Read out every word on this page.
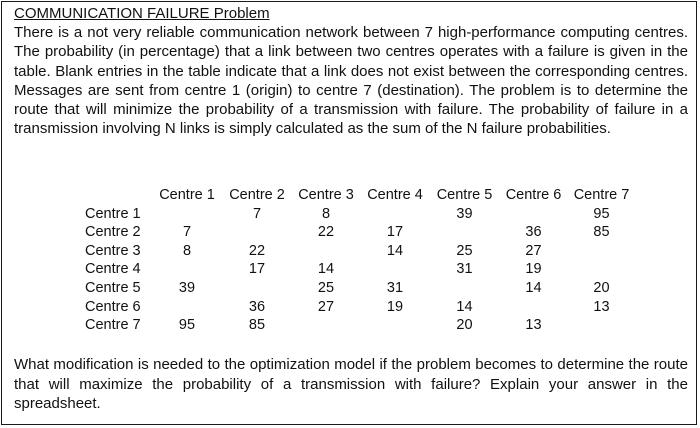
COMMUNICATION FAILURE Problem

There is a not very reliable communication network between 7 high-performance computing centres. The probability (in percentage) that a link between two centres operates with a failure is given in the table. Blank entries in the table indicate that a link does not exist between the corresponding centres. Messages are sent from centre 1 (origin) to centre 7 (destination). The problem is to determine the route that will minimize the probability of a transmission with failure. The probability of failure in a transmission involving N links is simply calculated as the sum of the N failure probabilities.

	Centre 1	Centre 2	Centre 3	Centre 4	Centre 5	Centre 6	Centre 7
Centre 1		7	8		39		95
Centre 2	7		22	17		36	85
Centre 3	8	22		14	25	27	
Centre 4		17	14		31	19	
Centre 5	39		25	31		14	20
Centre 6		36	27	19	14		13
Centre 7	95	85			20	13	

What modification is needed to the optimization model if the problem becomes to determine the route that will maximize the probability of a transmission with failure? Explain your answer in the spreadsheet.
